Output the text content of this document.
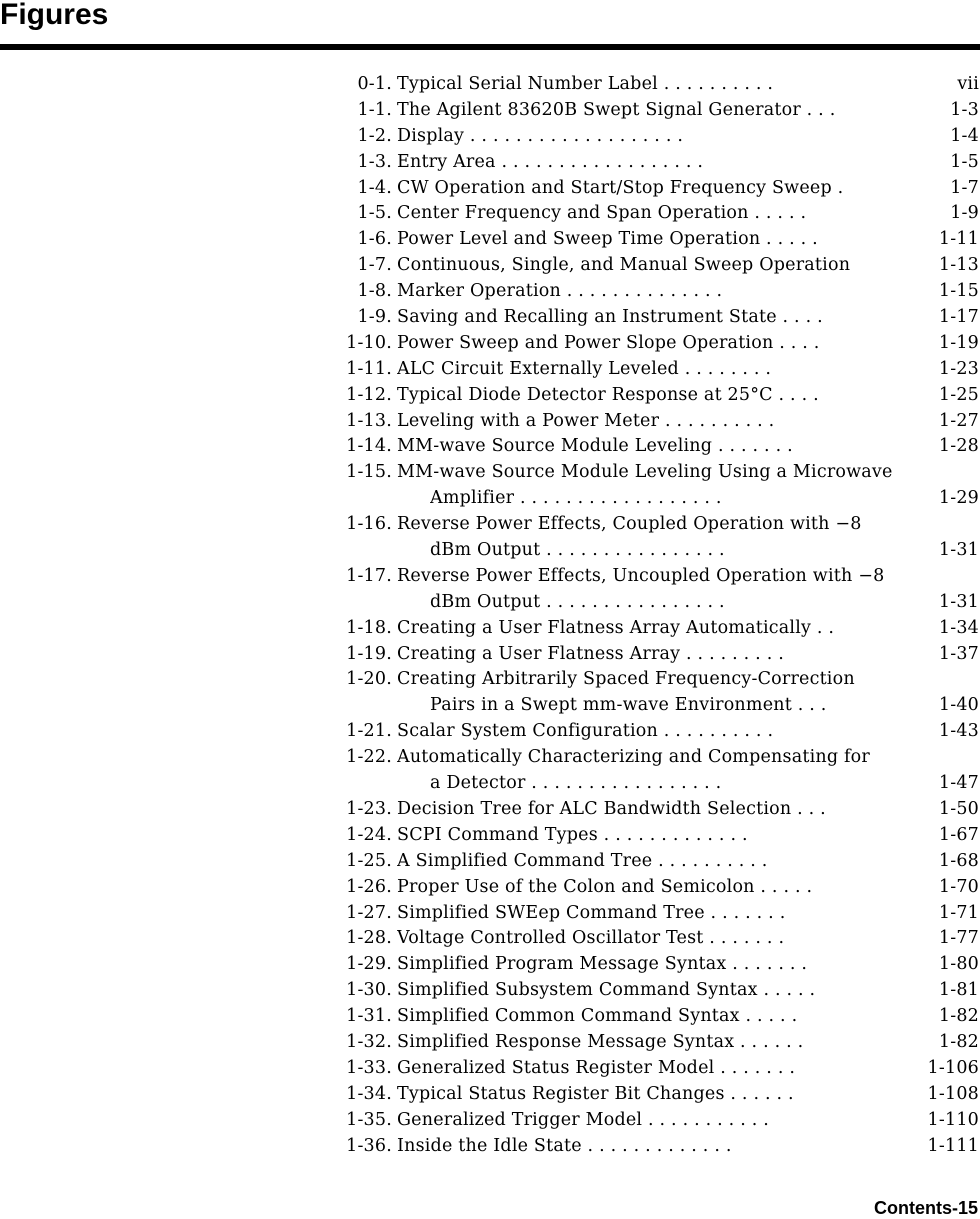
Figures
0-1. Typical Serial Number Label . . . . . . . . . .	vii
1-1. The Agilent 83620B Swept Signal Generator . . .	1-3
1-2. Display . . . . . . . . . . . . . . . . . . .	1-4
1-3. Entry Area . . . . . . . . . . . . . . . . . .	1-5
1-4. CW Operation and Start/Stop Frequency Sweep .	1-7
1-5. Center Frequency and Span Operation . . . . .	1-9
1-6. Power Level and Sweep Time Operation . . . . .	1-11
1-7. Continuous, Single, and Manual Sweep Operation	1-13
1-8. Marker Operation . . . . . . . . . . . . . .	1-15
1-9. Saving and Recalling an Instrument State . . . .	1-17
1-10. Power Sweep and Power Slope Operation . . . .	1-19
1-11. ALC Circuit Externally Leveled . . . . . . . .	1-23
1-12. Typical Diode Detector Response at 25°C . . . .	1-25
1-13. Leveling with a Power Meter . . . . . . . . . .	1-27
1-14. MM-wave Source Module Leveling . . . . . . .	1-28
1-15. MM-wave Source Module Leveling Using a Microwave
Amplifier . . . . . . . . . . . . . . . . . .	1-29
1-16. Reverse Power Effects, Coupled Operation with −8
dBm Output . . . . . . . . . . . . . . . .	1-31
1-17. Reverse Power Effects, Uncoupled Operation with −8
dBm Output . . . . . . . . . . . . . . . .	1-31
1-18. Creating a User Flatness Array Automatically . .	1-34
1-19. Creating a User Flatness Array . . . . . . . . .	1-37
1-20. Creating Arbitrarily Spaced Frequency-Correction
Pairs in a Swept mm-wave Environment . . .	1-40
1-21. Scalar System Configuration . . . . . . . . . .	1-43
1-22. Automatically Characterizing and Compensating for
a Detector . . . . . . . . . . . . . . . . .	1-47
1-23. Decision Tree for ALC Bandwidth Selection . . .	1-50
1-24. SCPI Command Types . . . . . . . . . . . . .	1-67
1-25. A Simplified Command Tree . . . . . . . . . .	1-68
1-26. Proper Use of the Colon and Semicolon . . . . .	1-70
1-27. Simplified SWEep Command Tree . . . . . . .	1-71
1-28. Voltage Controlled Oscillator Test . . . . . . .	1-77
1-29. Simplified Program Message Syntax . . . . . . .	1-80
1-30. Simplified Subsystem Command Syntax . . . . .	1-81
1-31. Simplified Common Command Syntax . . . . .	1-82
1-32. Simplified Response Message Syntax . . . . . .	1-82
1-33. Generalized Status Register Model . . . . . . .	1-106
1-34. Typical Status Register Bit Changes . . . . . .	1-108
1-35. Generalized Trigger Model . . . . . . . . . . .	1-110
1-36. Inside the Idle State . . . . . . . . . . . . .	1-111
Contents-15
